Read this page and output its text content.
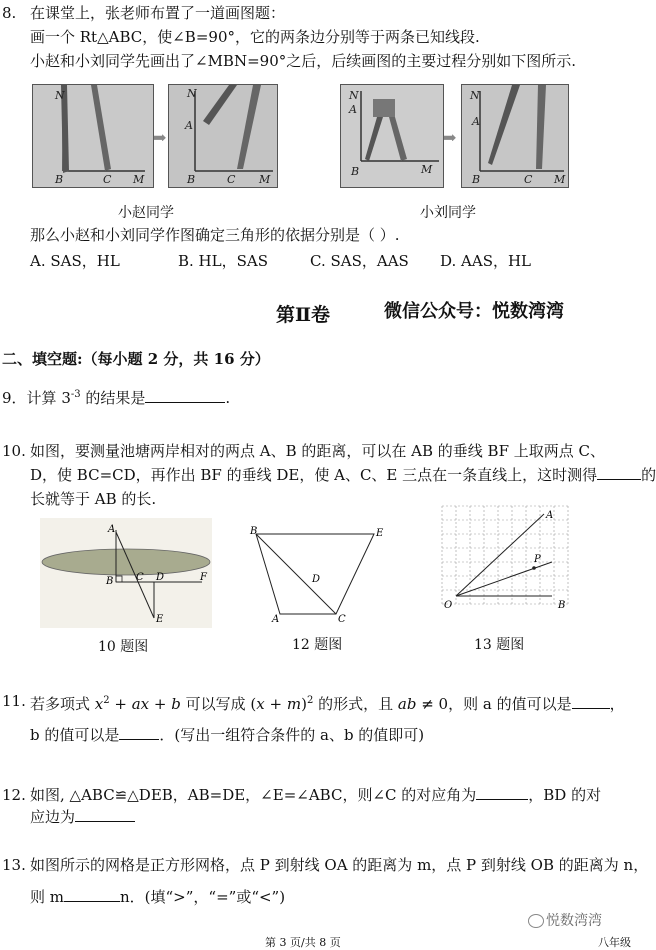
8. 在课堂上，张老师布置了一道画图题：
画一个 Rt△ABC，使∠B=90°，它的两条边分别等于两条已知线段.
小赵和小刘同学先画出了∠MBN=90°之后，后续画图的主要过程分别如下图所示.
N
B	C M
➡
N
A
B	C M
N
A
B	M
➡
N
A
B	C M
小赵同学	小刘同学
那么小赵和小刘同学作图确定三角形的依据分别是（ ）.
A. SAS，HL	B. HL，SAS	C. SAS，AAS D. AAS，HL
第Ⅱ卷	微信公众号：悦数湾湾
二、填空题:（每小题 2 分，共 16 分）
9．计算 $3^{-3}$ 的结果是	.
10. 如图，要测量池塘两岸相对的两点 A、B 的距离，可以在 AB 的垂线 BF 上取两点 C、
D，使 BC=CD，再作出 BF 的垂线 DE，使 A、C、E 三点在一条直线上，这时测得	的
长就等于 AB 的长.
A
B C D
E
F
10 题图
B	E
D
A	C
12 题图
O
A
B
P
13 题图
11. 若多项式 $x^2$ + ax + b 可以写成 $(x + m)^2$ 的形式，且 ab ≠ 0，则 a 的值可以是	，
b 的值可以是	．(写出一组符合条件的 a、b 的值即可)
12. 如图, △ABC≌△DEB，AB=DE，∠E=∠ABC，则∠C 的对应角为	，BD 的对
应边为
13. 如图所示的网格是正方形网格，点 P 到射线 OA 的距离为 m，点 P 到射线 OB 的距离为 n，
则 m	n．(填“>”，“=”或“<”)
悦数湾湾
第 3 页/共 8 页	八年级
